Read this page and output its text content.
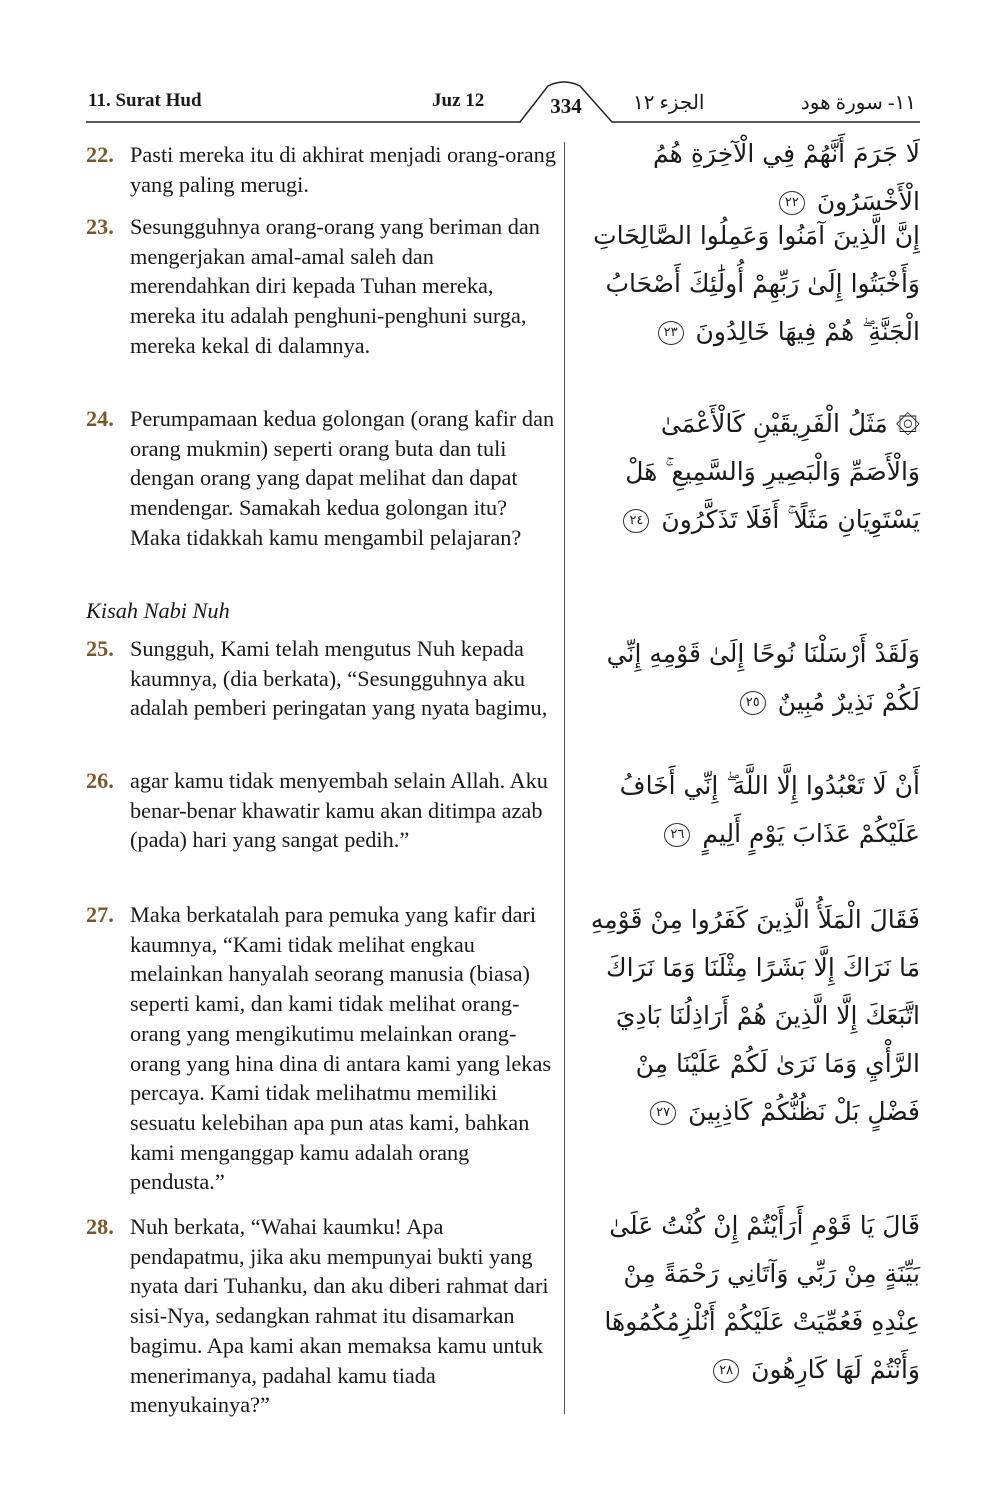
11. Surat Hud	Juz 12	334	الجزء ١٢	١١- سورة هود
22. Pasti mereka itu di akhirat menjadi orang-orang yang paling merugi.
23. Sesungguhnya orang-orang yang beriman dan mengerjakan amal-amal saleh dan merendahkan diri kepada Tuhan mereka, mereka itu adalah penghuni-penghuni surga, mereka kekal di dalamnya.
24. Perumpamaan kedua golongan (orang kafir dan orang mukmin) seperti orang buta dan tuli dengan orang yang dapat melihat dan dapat mendengar. Samakah kedua golongan itu? Maka tidakkah kamu mengambil pelajaran?
Kisah Nabi Nuh
25. Sungguh, Kami telah mengutus Nuh kepada kaumnya, (dia berkata), “Sesungguhnya aku adalah pemberi peringatan yang nyata bagimu,
26. agar kamu tidak menyembah selain Allah. Aku benar-benar khawatir kamu akan ditimpa azab (pada) hari yang sangat pedih.”
27. Maka berkatalah para pemuka yang kafir dari kaumnya, “Kami tidak melihat engkau melainkan hanyalah seorang manusia (biasa) seperti kami, dan kami tidak melihat orang-orang yang mengikutimu melainkan orang-orang yang hina dina di antara kami yang lekas percaya. Kami tidak melihatmu memiliki sesuatu kelebihan apa pun atas kami, bahkan kami menganggap kamu adalah orang pendusta.”
28. Nuh berkata, “Wahai kaumku! Apa pendapatmu, jika aku mempunyai bukti yang nyata dari Tuhanku, dan aku diberi rahmat dari sisi-Nya, sedangkan rahmat itu disamarkan bagimu. Apa kami akan memaksa kamu untuk menerimanya, padahal kamu tiada menyukainya?”
لَا جَرَمَ أَنَّهُمْ فِي الْآخِرَةِ هُمُ الْأَخْسَرُونَ ٢٢
إِنَّ الَّذِينَ آمَنُوا وَعَمِلُوا الصَّالِحَاتِ وَأَخْبَتُوا إِلَىٰ رَبِّهِمْ أُولَٰئِكَ أَصْحَابُ الْجَنَّةِ ۖ هُمْ فِيهَا خَالِدُونَ ٢٣
۞ مَثَلُ الْفَرِيقَيْنِ كَالْأَعْمَىٰ وَالْأَصَمِّ وَالْبَصِيرِ وَالسَّمِيعِ ۚ هَلْ يَسْتَوِيَانِ مَثَلًا ۚ أَفَلَا تَذَكَّرُونَ ٢٤
وَلَقَدْ أَرْسَلْنَا نُوحًا إِلَىٰ قَوْمِهِ إِنِّي لَكُمْ نَذِيرٌ مُبِينٌ ٢٥
أَنْ لَا تَعْبُدُوا إِلَّا اللَّهَ ۖ إِنِّي أَخَافُ عَلَيْكُمْ عَذَابَ يَوْمٍ أَلِيمٍ ٢٦
فَقَالَ الْمَلَأُ الَّذِينَ كَفَرُوا مِنْ قَوْمِهِ مَا نَرَاكَ إِلَّا بَشَرًا مِثْلَنَا وَمَا نَرَاكَ اتَّبَعَكَ إِلَّا الَّذِينَ هُمْ أَرَاذِلُنَا بَادِيَ الرَّأْيِ وَمَا نَرَىٰ لَكُمْ عَلَيْنَا مِنْ فَضْلٍ بَلْ نَظُنُّكُمْ كَاذِبِينَ ٢٧
قَالَ يَا قَوْمِ أَرَأَيْتُمْ إِنْ كُنْتُ عَلَىٰ بَيِّنَةٍ مِنْ رَبِّي وَآتَانِي رَحْمَةً مِنْ عِنْدِهِ فَعُمِّيَتْ عَلَيْكُمْ أَنُلْزِمُكُمُوهَا وَأَنْتُمْ لَهَا كَارِهُونَ ٢٨
